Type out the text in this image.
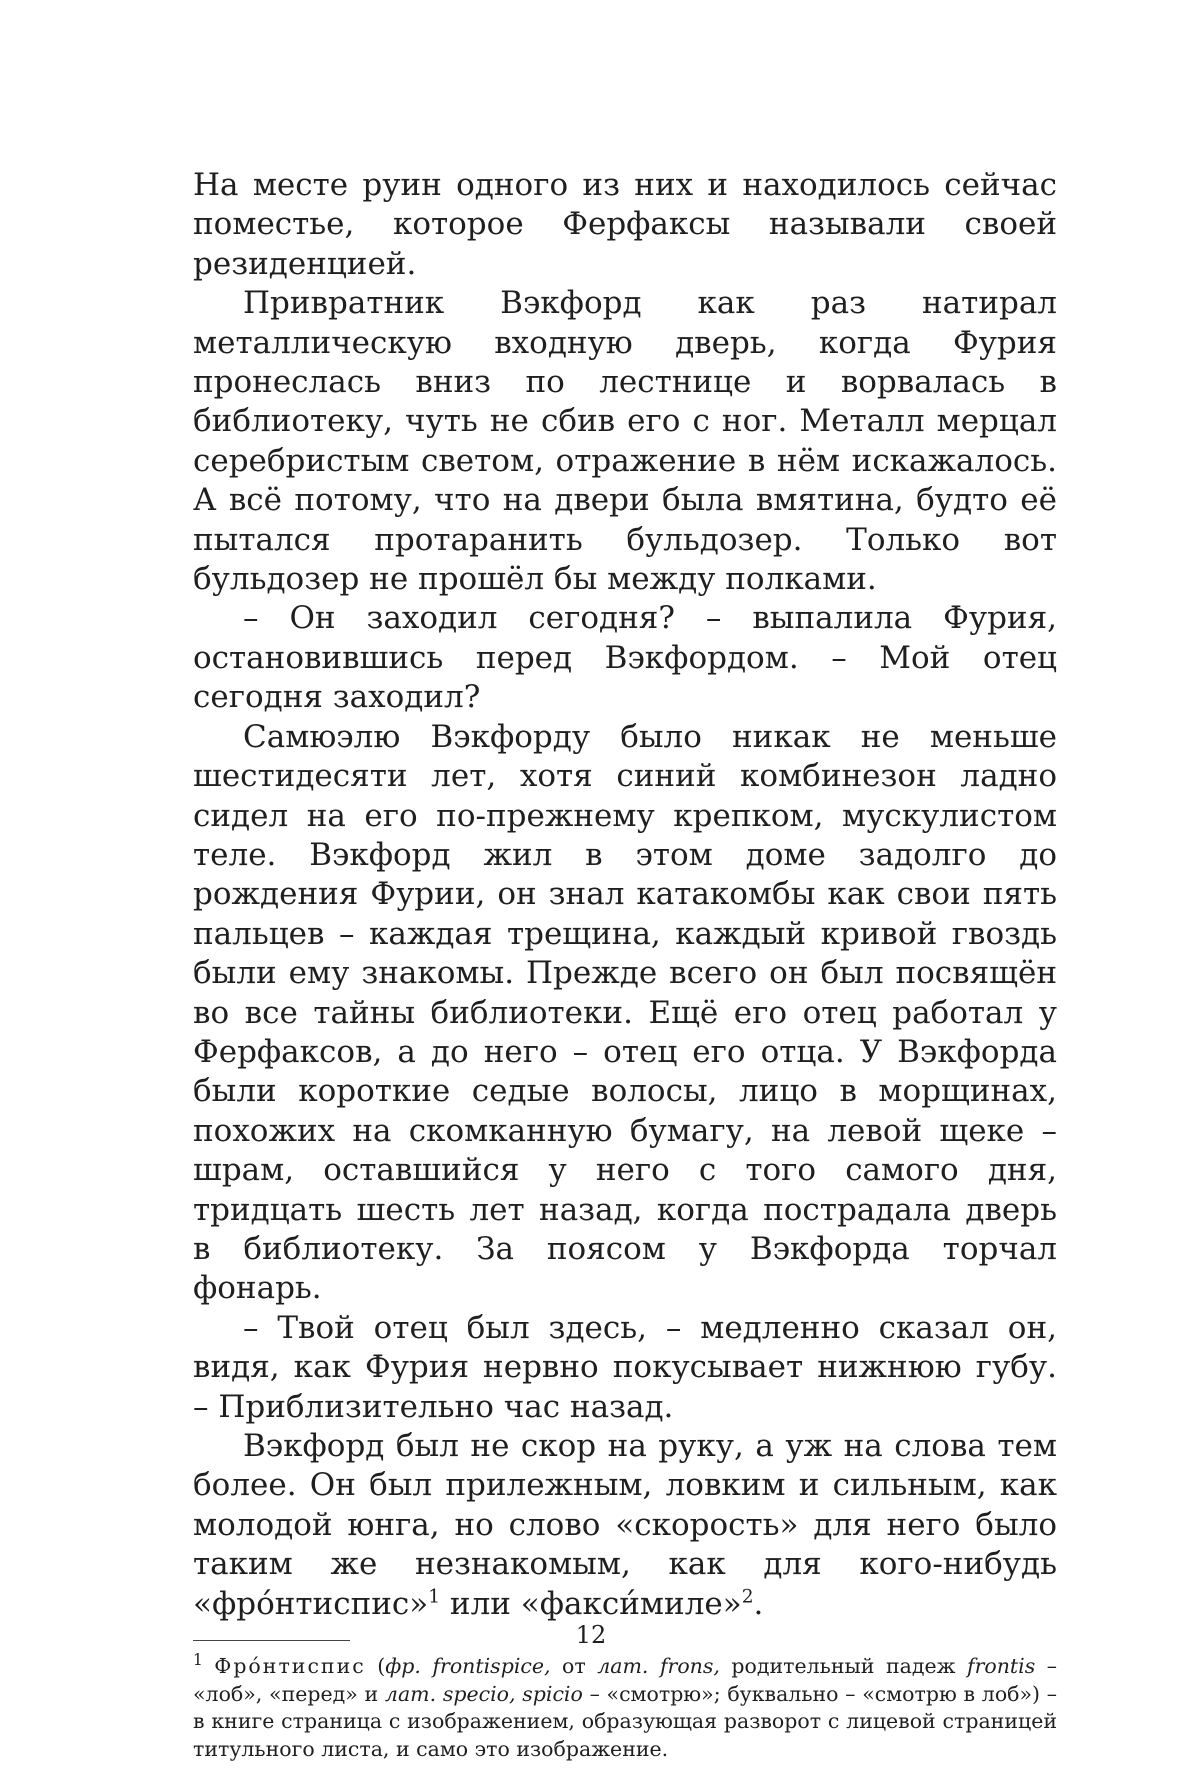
На месте руин одного из них и находилось сейчас поместье, которое Ферфаксы называли своей резиденцией.

Привратник Вэкфорд как раз натирал металлическую входную дверь, когда Фурия пронеслась вниз по лестнице и ворвалась в библиотеку, чуть не сбив его с ног. Металл мерцал серебристым светом, отражение в нём искажалось. А всё потому, что на двери была вмятина, будто её пытался протаранить бульдозер. Только вот бульдозер не прошёл бы между полками.

– Он заходил сегодня? – выпалила Фурия, остановившись перед Вэкфордом. – Мой отец сегодня заходил?

Самюэлю Вэкфорду было никак не меньше шестидесяти лет, хотя синий комбинезон ладно сидел на его по-прежнему крепком, мускулистом теле. Вэкфорд жил в этом доме задолго до рождения Фурии, он знал катакомбы как свои пять пальцев – каждая трещина, каждый кривой гвоздь были ему знакомы. Прежде всего он был посвящён во все тайны библиотеки. Ещё его отец работал у Ферфаксов, а до него – отец его отца. У Вэкфорда были короткие седые волосы, лицо в морщинах, похожих на скомканную бумагу, на левой щеке – шрам, оставшийся у него с того самого дня, тридцать шесть лет назад, когда пострадала дверь в библиотеку. За поясом у Вэкфорда торчал фонарь.

– Твой отец был здесь, – медленно сказал он, видя, как Фурия нервно покусывает нижнюю губу. – Приблизительно час назад.

Вэкфорд был не скор на руку, а уж на слова тем более. Он был прилежным, ловким и сильным, как молодой юнга, но слово «скорость» для него было таким же незнакомым, как для кого-нибудь «фрóнтиспис»$^1$ или «факси́миле»$^2$.

$^1$ Фрóнтиспис (фр. frontispice, от лат. frons, родительный падеж frontis – «лоб», «перед» и лат. specio, spicio – «смотрю»; буквально – «смотрю в лоб») – в книге страница с изображением, образующая разворот с лицевой страницей титульного листа, и само это изображение.

12
